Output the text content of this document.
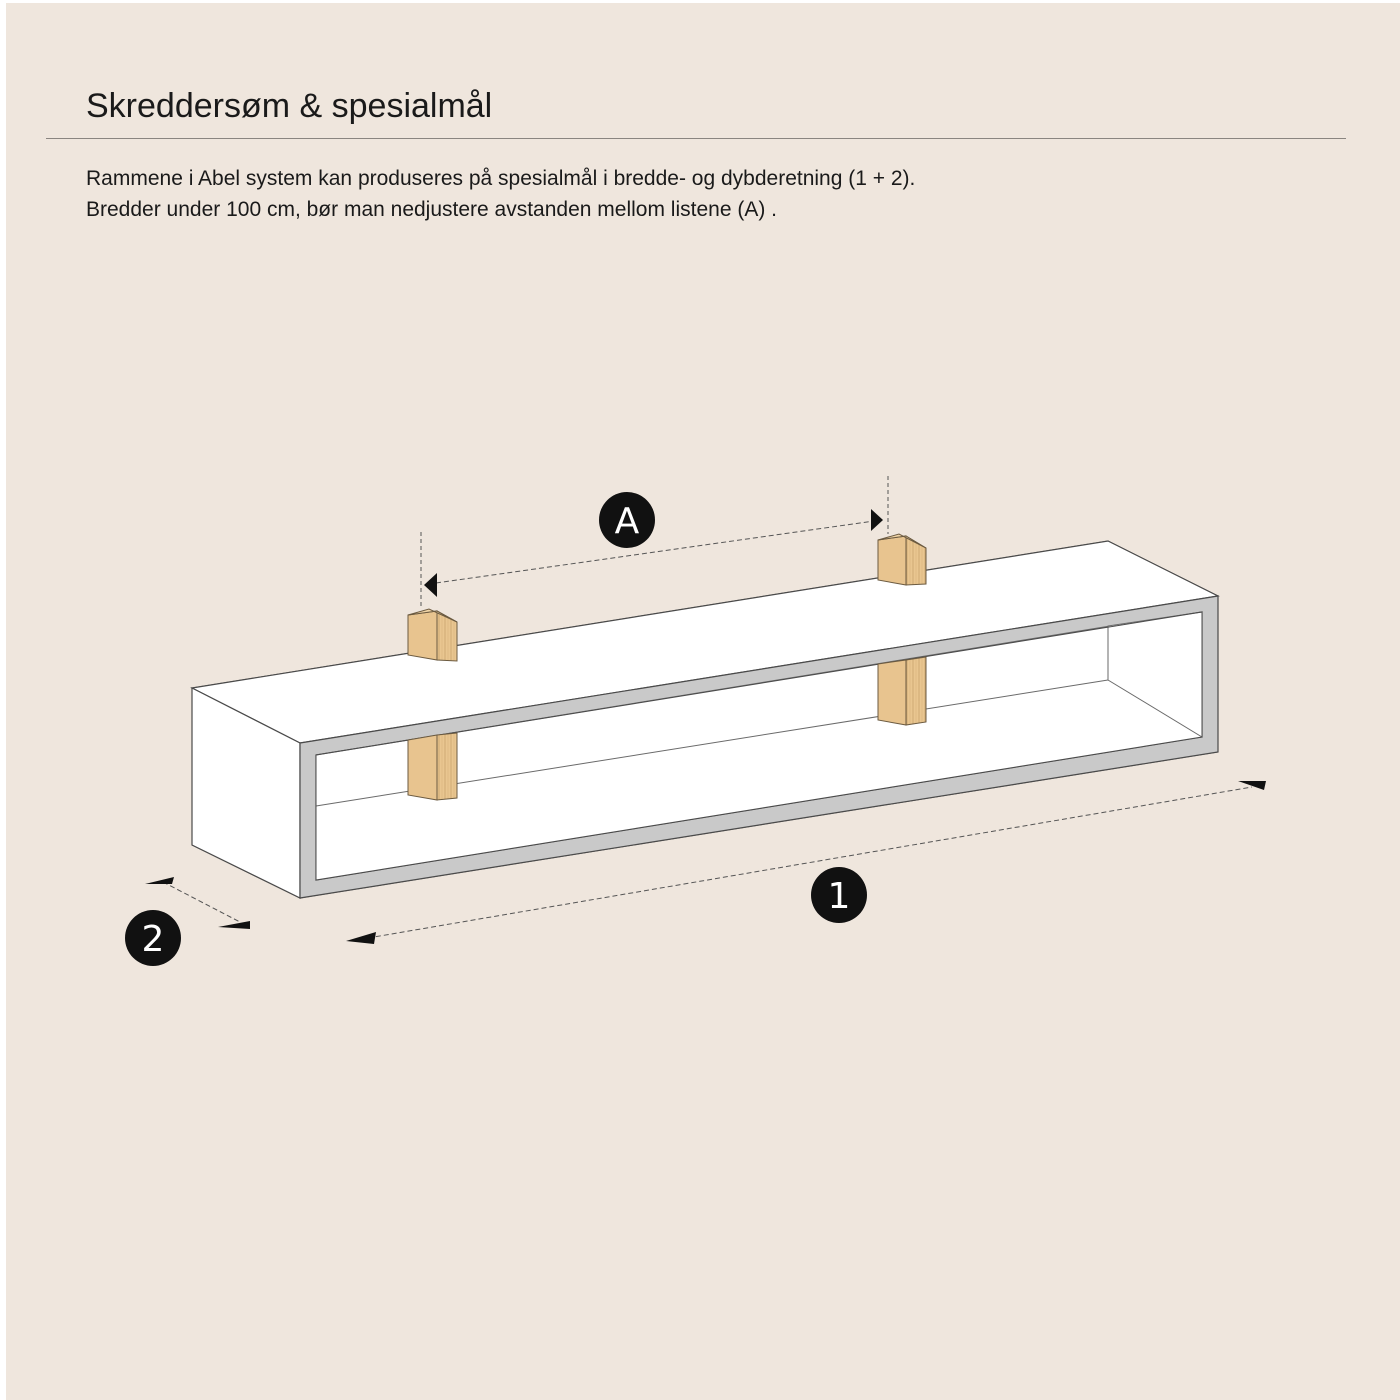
Skreddersøm & spesialmål
Rammene i Abel system kan produseres på spesialmål i bredde- og dybderetning (1 + 2).
Bredder under 100 cm, bør man nedjustere avstanden mellom listene (A) .
A
1
2
